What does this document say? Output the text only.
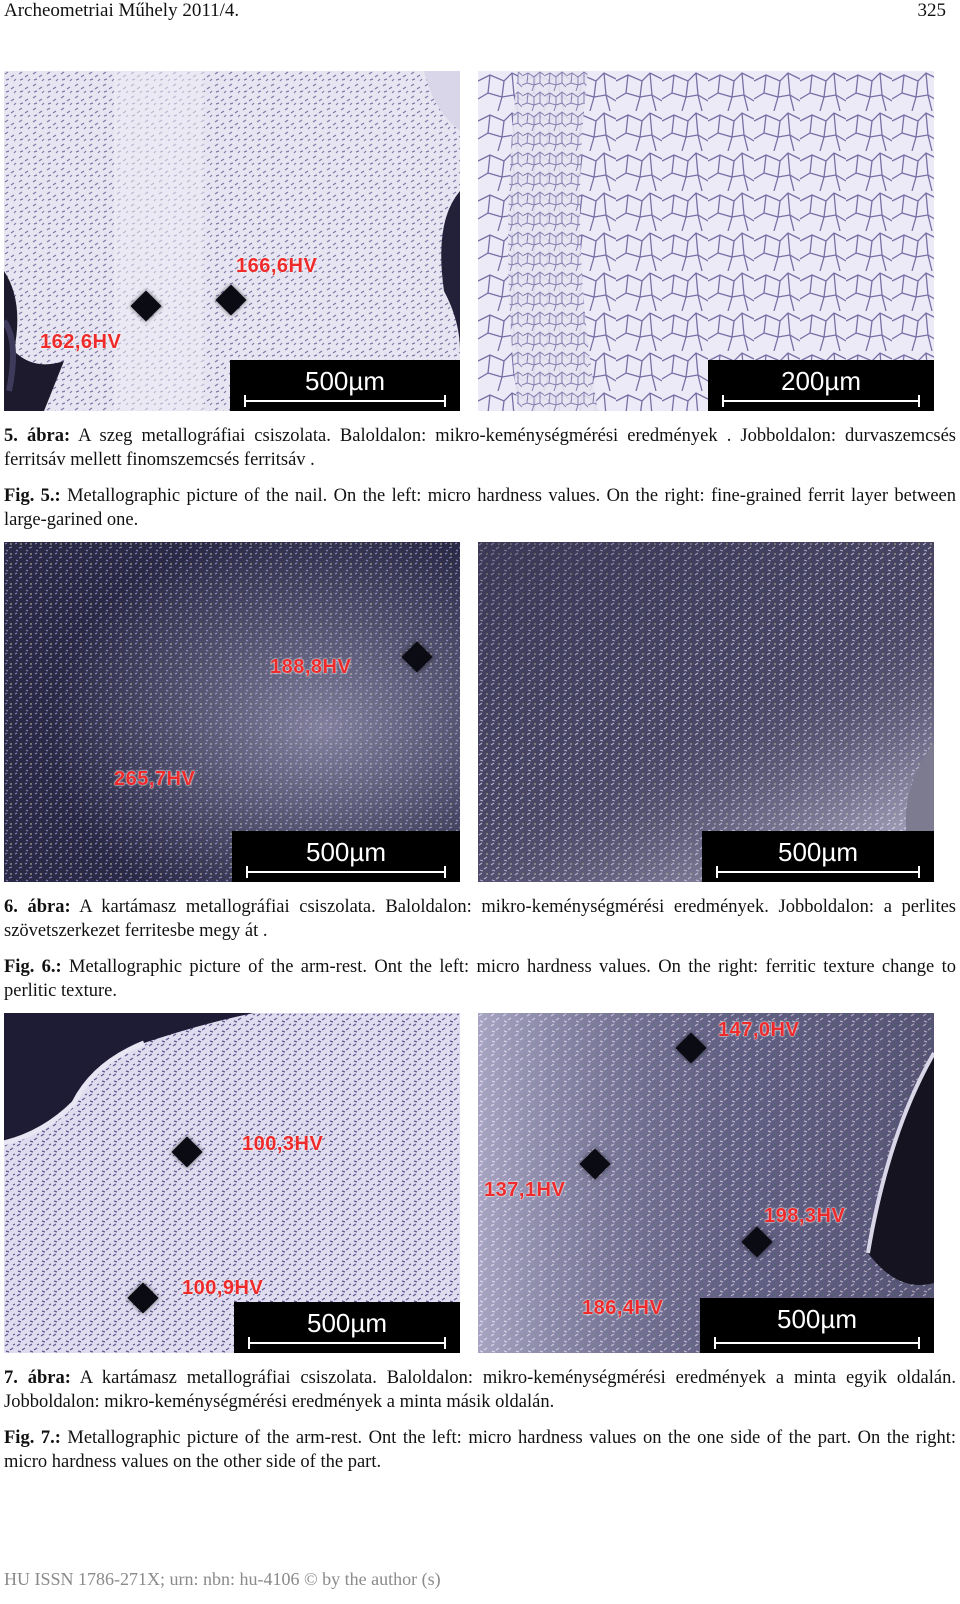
Archeometriai Műhely 2011/4.	325
166,6HV
162,6HV
500µm	200µm
5. ábra: A szeg metallográfiai csiszolata. Baloldalon: mikro-keménységmérési eredmények . Jobboldalon: durvaszemcsés ferritsáv mellett finomszemcsés ferritsáv .
Fig. 5.: Metallographic picture of the nail. On the left: micro hardness values. On the right: fine-grained ferrit layer between large-garined one.
188,8HV
265,7HV
500µm	500µm
6. ábra: A kartámasz metallográfiai csiszolata. Baloldalon: mikro-keménységmérési eredmények. Jobboldalon: a perlites szövetszerkezet ferritesbe megy át .
Fig. 6.: Metallographic picture of the arm-rest. Ont the left: micro hardness values. On the right: ferritic texture change to perlitic texture.
100,3HV
100,9HV
500µm
147,0HV
137,1HV
198,3HV
186,4HV	500µm
7. ábra: A kartámasz metallográfiai csiszolata. Baloldalon: mikro-keménységmérési eredmények a minta egyik oldalán. Jobboldalon: mikro-keménységmérési eredmények a minta másik oldalán.
Fig. 7.: Metallographic picture of the arm-rest. Ont the left: micro hardness values on the one side of the part. On the right: micro hardness values on the other side of the part.
HU ISSN 1786-271X; urn: nbn: hu-4106 © by the author (s)
